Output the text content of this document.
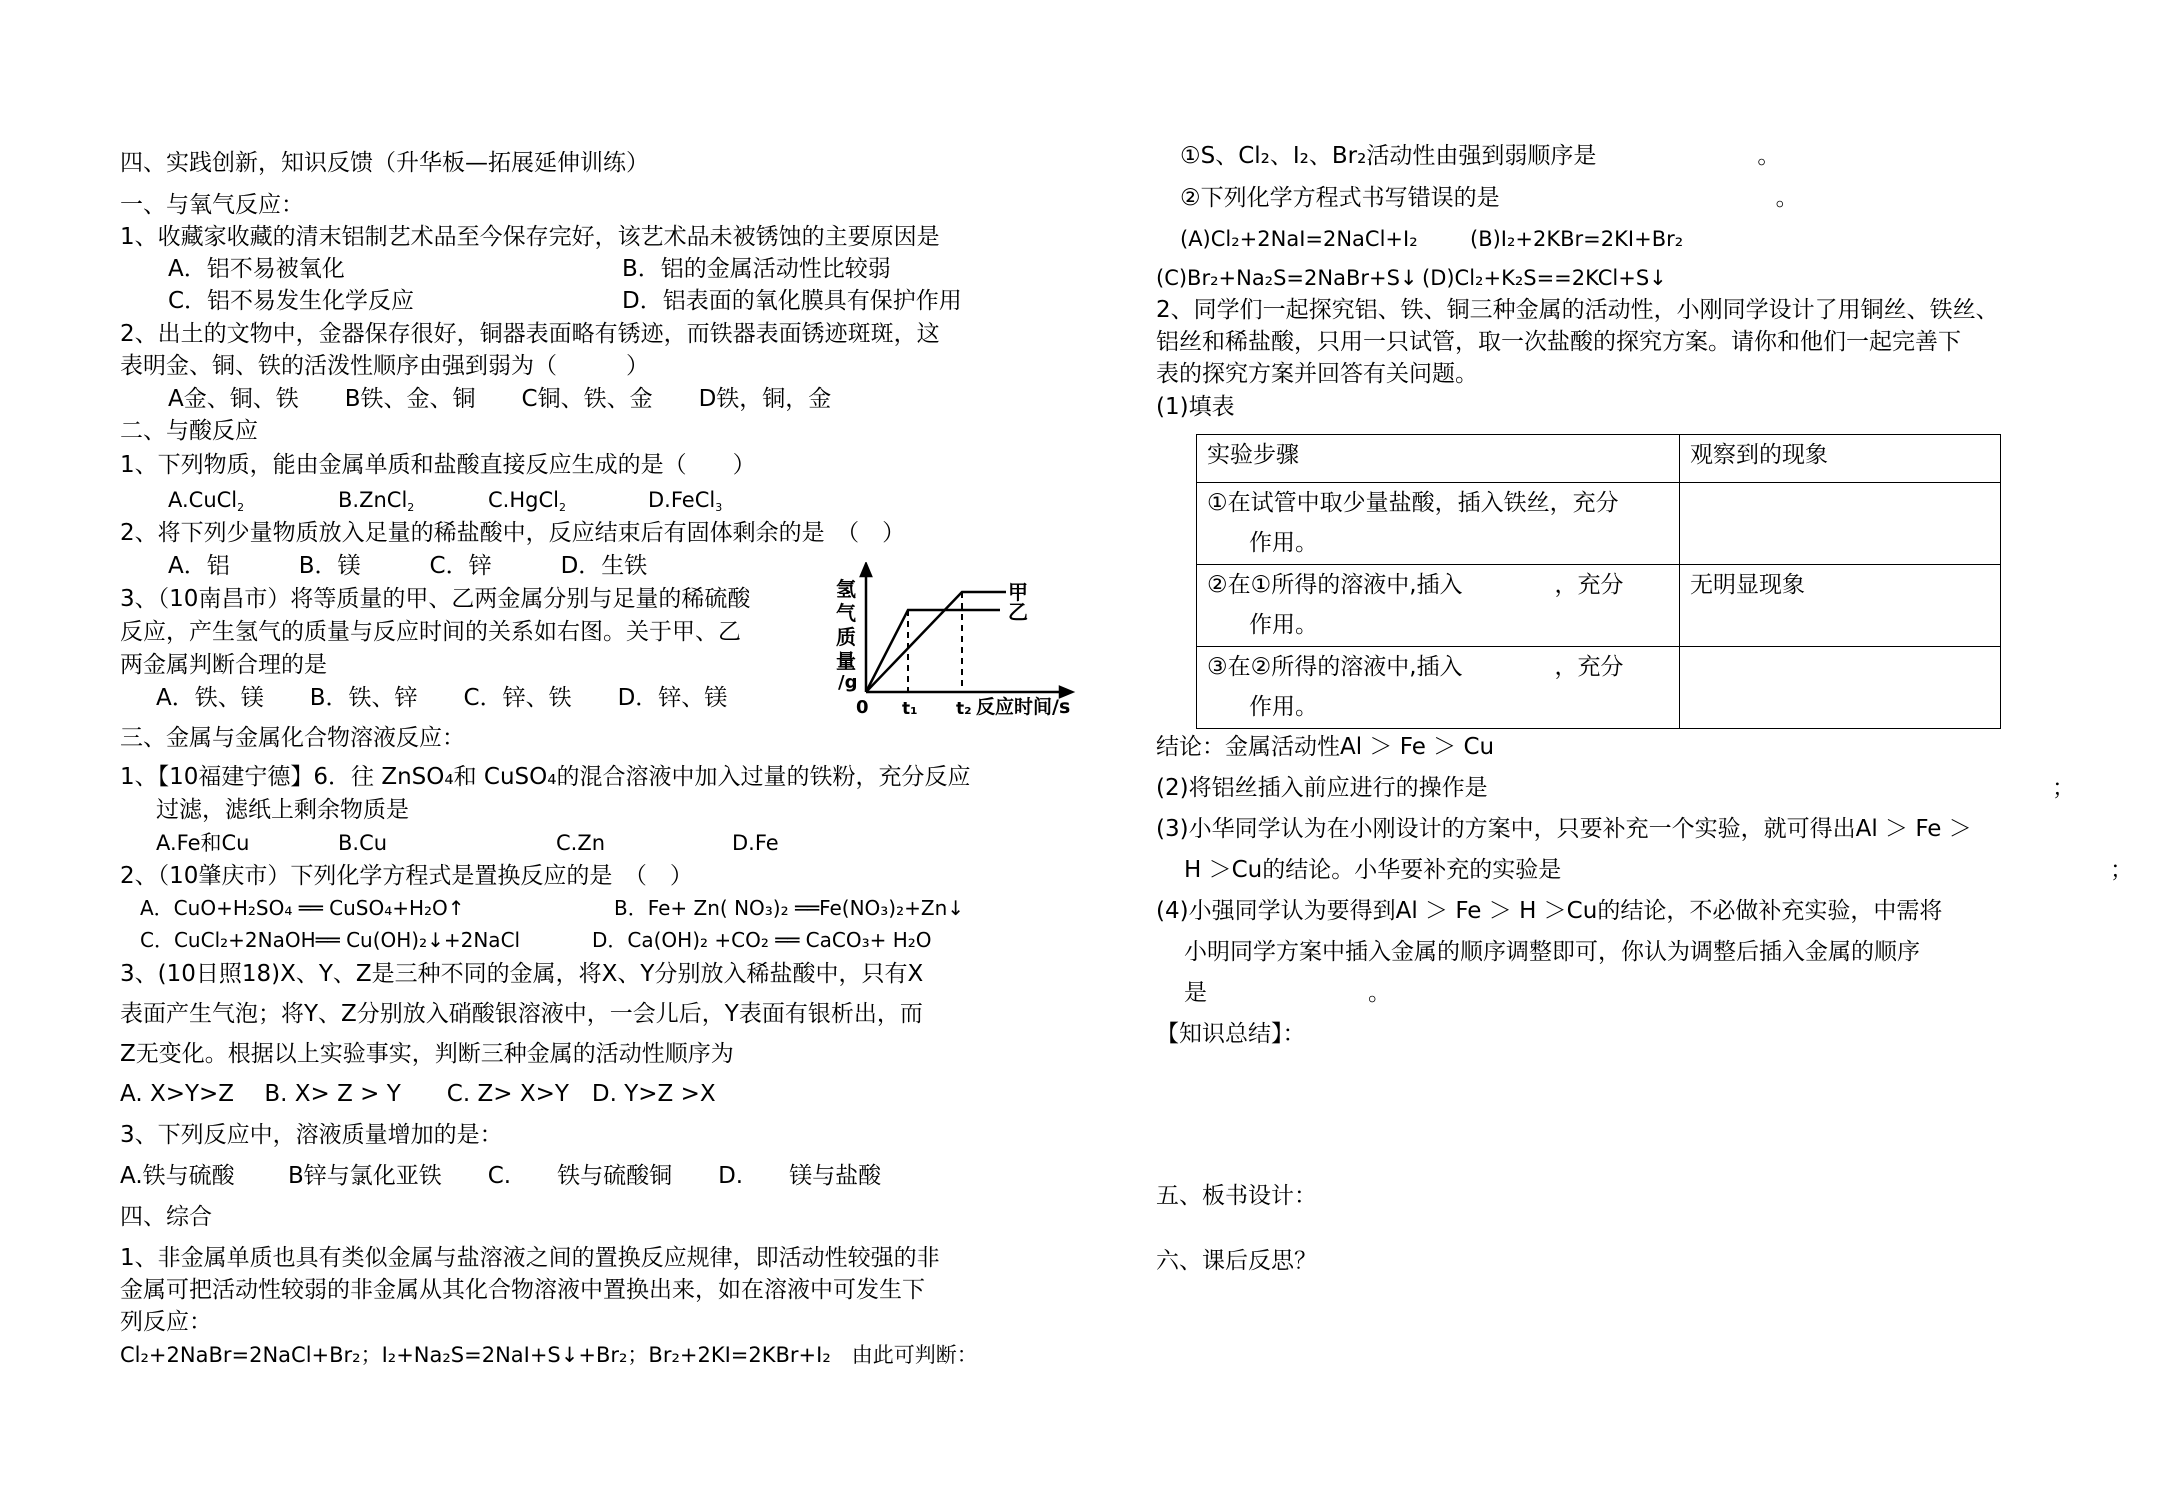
四、实践创新，知识反馈（升华板—拓展延伸训练）
一、与氧气反应：
1、收藏家收藏的清末铝制艺术品至今保存完好，该艺术品未被锈蚀的主要原因是
A．铝不易被氧化	B．铝的金属活动性比较弱
C．铝不易发生化学反应	D．铝表面的氧化膜具有保护作用
2、出土的文物中，金器保存很好，铜器表面略有锈迹，而铁器表面锈迹斑斑，这
表明金、铜、铁的活泼性顺序由强到弱为（　　　）
A金、铜、铁　　B铁、金、铜　　C铜、铁、金　　D铁，铜，金
二、与酸反应
1、下列物质，能由金属单质和盐酸直接反应生成的是（　　）
A.CuCl$_2$	B.ZnCl$_2$	C.HgCl$_2$	D.FeCl$_3$
2、将下列少量物质放入足量的稀盐酸中，反应结束后有固体剩余的是　（　）
A．铝　　　B．镁　　　C．锌　　　D．生铁
3、（10南昌市）将等质量的甲、乙两金属分别与足量的稀硫酸
反应，产生氢气的质量与反应时间的关系如右图。关于甲、乙
两金属判断合理的是
A．铁、镁　　B．铁、锌　　C．锌、铁　　D．锌、镁
氢
气
质
量
/g
甲
乙
0 t₁ t₂ 反应时间/s
三、金属与金属化合物溶液反应：
1、【10福建宁德】6．往 ZnSO₄和 CuSO₄的混合溶液中加入过量的铁粉，充分反应
过滤，滤纸上剩余物质是
A.Fe和Cu	B.Cu	C.Zn	D.Fe
2、（10肇庆市）下列化学方程式是置换反应的是　（　）
A．CuO+H₂SO₄ ══ CuSO₄+H₂O↑	B．Fe+ Zn( NO₃)₂ ══Fe(NO₃)₂+Zn↓
C．CuCl₂+2NaOH══ Cu(OH)₂↓+2NaCl	D．Ca(OH)₂ +CO₂ ══ CaCO₃+ H₂O
3、(10日照18)X、Y、Z是三种不同的金属，将X、Y分别放入稀盐酸中，只有X
表面产生气泡；将Y、Z分别放入硝酸银溶液中，一会儿后，Y表面有银析出，而
Z无变化。根据以上实验事实，判断三种金属的活动性顺序为
A. X>Y>Z　 B. X> Z > Y　　C. Z> X>Y　D. Y>Z >X
3、下列反应中，溶液质量增加的是：
A.铁与硫酸　　 B锌与氯化亚铁　　C.　　铁与硫酸铜　　D.　　镁与盐酸
四、综合
1、非金属单质也具有类似金属与盐溶液之间的置换反应规律，即活动性较强的非
金属可把活动性较弱的非金属从其化合物溶液中置换出来，如在溶液中可发生下
列反应：
Cl₂+2NaBr=2NaCl+Br₂；I₂+Na₂S=2NaI+S↓+Br₂；Br₂+2KI=2KBr+I₂　由此可判断：
①S、Cl₂、I₂、Br₂活动性由强到弱顺序是　　　　　　　。
②下列化学方程式书写错误的是　　　　　　　　　　　　。
(A)Cl₂+2NaI=2NaCl+I₂ (B)I₂+2KBr=2KI+Br₂
(C)Br₂+Na₂S=2NaBr+S↓ (D)Cl₂+K₂S==2KCl+S↓
2、同学们一起探究铝、铁、铜三种金属的活动性，小刚同学设计了用铜丝、铁丝、
铝丝和稀盐酸，只用一只试管，取一次盐酸的探究方案。请你和他们一起完善下
表的探究方案并回答有关问题。
(1)填表
实验步骤	观察到的现象

①在试管中取少量盐酸，插入铁丝，充分
作用。	

②在①所得的溶液中,插入　　　　，充分
作用。	无明显现象

③在②所得的溶液中,插入　　　　，充分
作用。	

结论：金属活动性Al ＞ Fe ＞ Cu
(2)将铝丝插入前应进行的操作是	；
(3)小华同学认为在小刚设计的方案中，只要补充一个实验，就可得出Al ＞ Fe ＞
H ＞Cu的结论。小华要补充的实验是	；
(4)小强同学认为要得到Al ＞ Fe ＞ H ＞Cu的结论，不必做补充实验，中需将
小明同学方案中插入金属的顺序调整即可，你认为调整后插入金属的顺序
是　　　　　　　。
【知识总结】：
五、板书设计：
六、课后反思？
